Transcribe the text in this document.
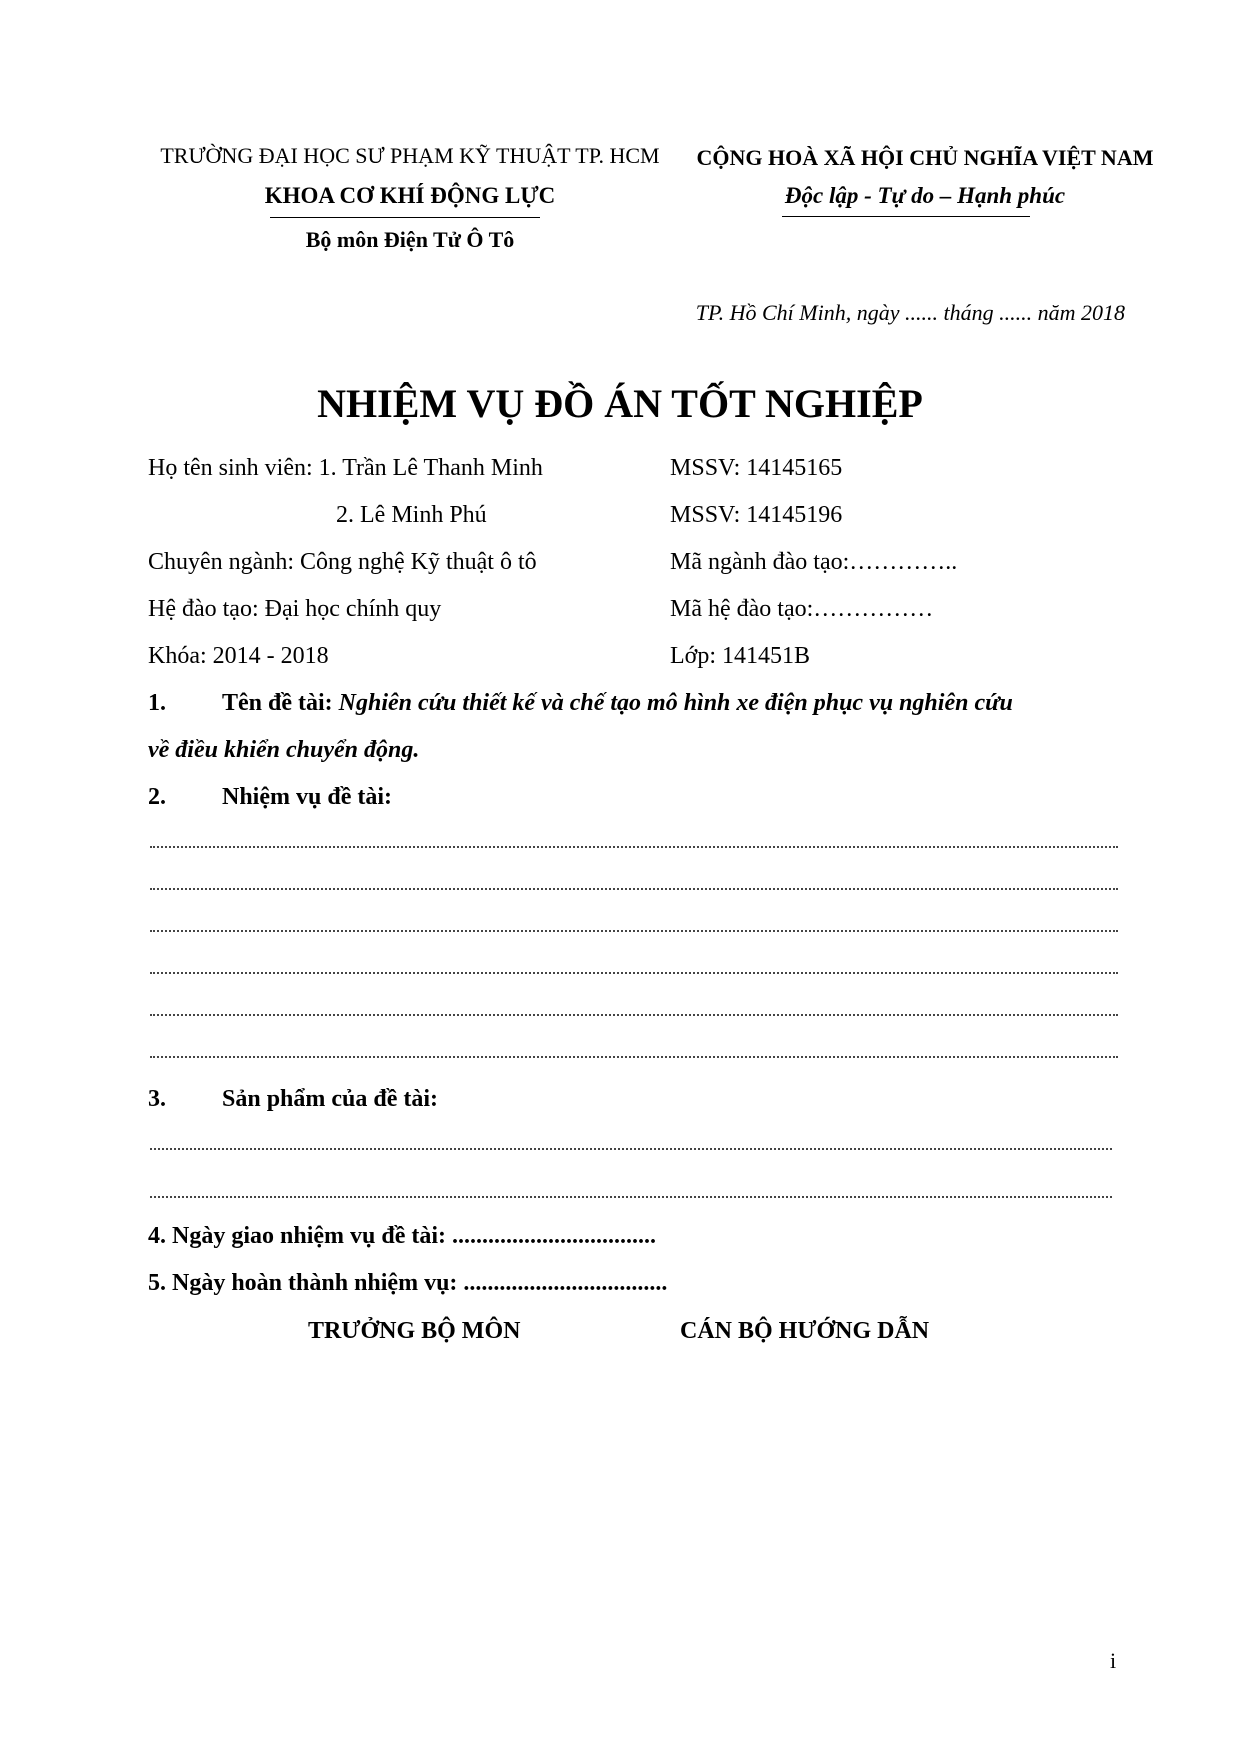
TRƯỜNG ĐẠI HỌC SƯ PHẠM KỸ THUẬT TP. HCM
KHOA CƠ KHÍ ĐỘNG LỰC
Bộ môn Điện Tử Ô Tô
CỘNG HOÀ XÃ HỘI CHỦ NGHĨA VIỆT NAM
Độc lập - Tự do – Hạnh phúc
TP. Hồ Chí Minh, ngày ...... tháng ...... năm 2018
NHIỆM VỤ ĐỒ ÁN TỐT NGHIỆP
Họ tên sinh viên: 1. Trần Lê Thanh Minh	MSSV: 14145165
2. Lê Minh Phú	MSSV: 14145196
Chuyên ngành: Công nghệ Kỹ thuật ô tô	Mã ngành đào tạo:…………..
Hệ đào tạo: Đại học chính quy	Mã hệ đào tạo:……………
Khóa: 2014 - 2018	Lớp: 141451B
1. Tên đề tài: Nghiên cứu thiết kế và chế tạo mô hình xe điện phục vụ nghiên cứu
về điều khiển chuyển động.
2. Nhiệm vụ đề tài:
3. Sản phẩm của đề tài:
4. Ngày giao nhiệm vụ đề tài: ..................................
5. Ngày hoàn thành nhiệm vụ: ..................................
TRƯỞNG BỘ MÔN	CÁN BỘ HƯỚNG DẪN
i
